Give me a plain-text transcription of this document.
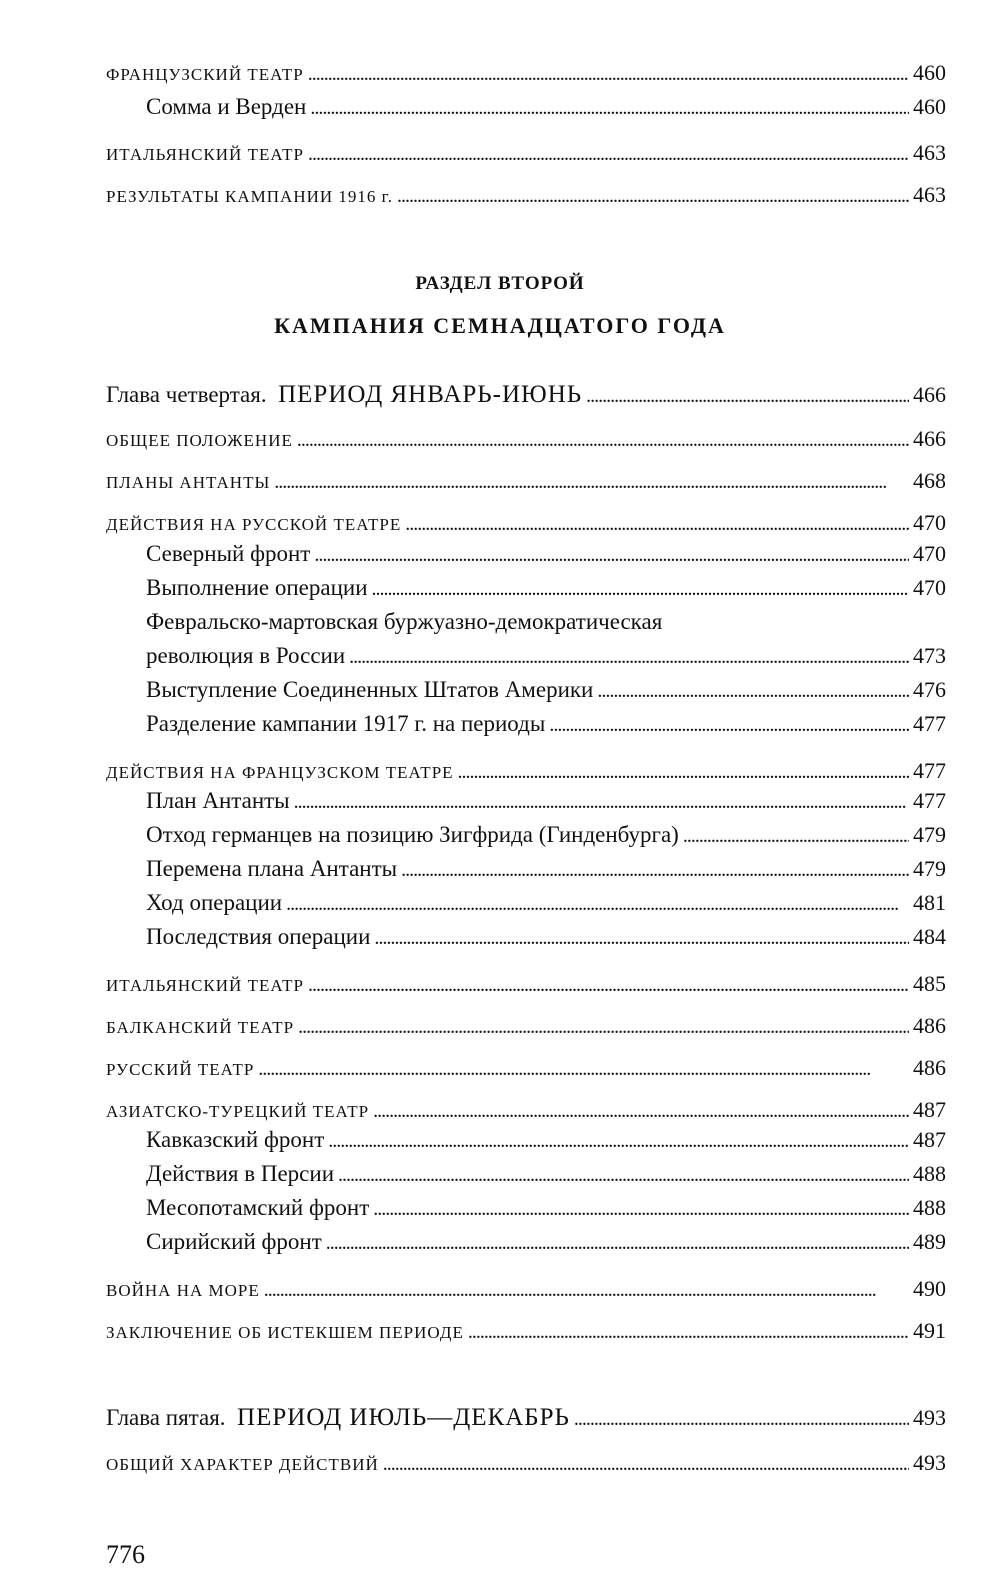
ФРАНЦУЗСКИЙ ТЕАТР . . .	460
Сомма и Верден . . .	460
ИТАЛЬЯНСКИЙ ТЕАТР . . .	463
РЕЗУЛЬТАТЫ КАМПАНИИ 1916 г. . . .	463
РАЗДЕЛ ВТОРОЙ
КАМПАНИЯ СЕМНАДЦАТОГО ГОДА
Глава четвертая. ПЕРИОД ЯНВАРЬ-ИЮНЬ . . .	466
ОБЩЕЕ ПОЛОЖЕНИЕ . . .	466
ПЛАНЫ АНТАНТЫ . . .	468
ДЕЙСТВИЯ НА РУССКОЙ ТЕАТРЕ . . .	470
Северный фронт . . .	470
Выполнение операции . . .	470
Февральско-мартовская буржуазно-демократическая
революция в России . . .	473
Выступление Соединенных Штатов Америки . . .	476
Разделение кампании 1917 г. на периоды . . .	477
ДЕЙСТВИЯ НА ФРАНЦУЗСКОМ ТЕАТРЕ . . .	477
План Антанты . . .	477
Отход германцев на позицию Зигфрида (Гинденбурга) . . .	479
Перемена плана Антанты . . .	479
Ход операции . . .	481
Последствия операции . . .	484
ИТАЛЬЯНСКИЙ ТЕАТР . . .	485
БАЛКАНСКИЙ ТЕАТР . . .	486
РУССКИЙ ТЕАТР . . .	486
АЗИАТСКО-ТУРЕЦКИЙ ТЕАТР . . .	487
Кавказский фронт . . .	487
Действия в Персии . . .	488
Месопотамский фронт . . .	488
Сирийский фронт . . .	489
ВОЙНА НА МОРЕ . . .	490
ЗАКЛЮЧЕНИЕ ОБ ИСТЕКШЕМ ПЕРИОДЕ . . .	491
Глава пятая. ПЕРИОД ИЮЛЬ—ДЕКАБРЬ . . .	493
ОБЩИЙ ХАРАКТЕР ДЕЙСТВИЙ . . .	493
776
